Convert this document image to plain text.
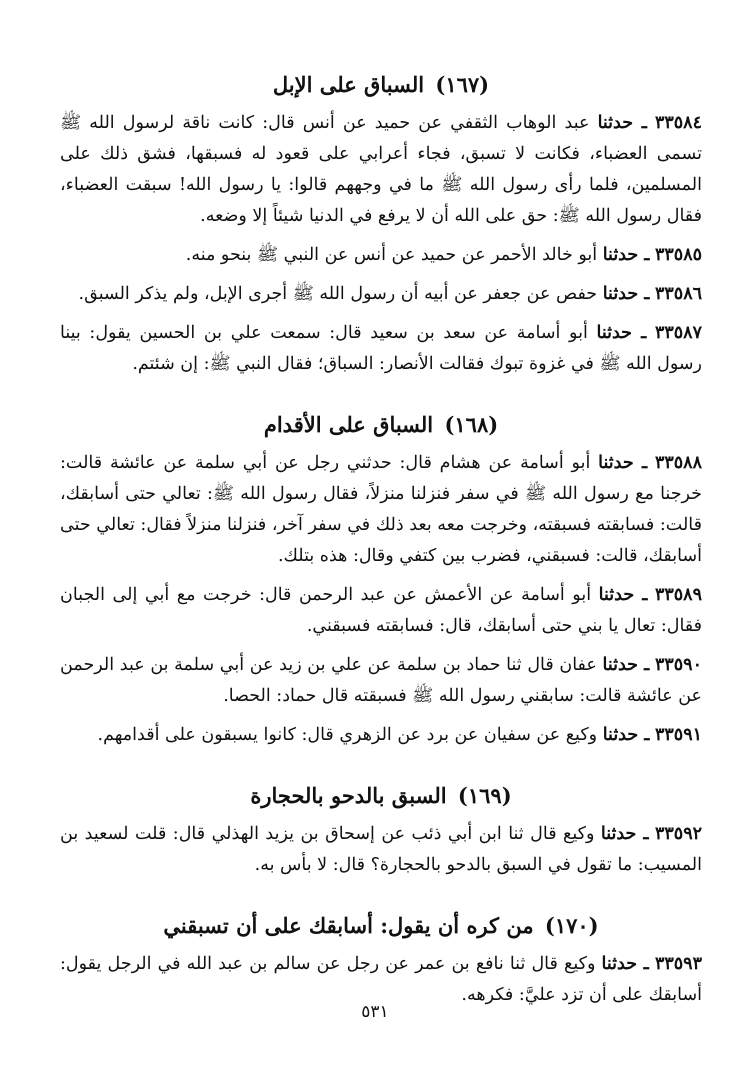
(١٦٧) السباق على الإبل

٣٣٥٨٤ ـ حدثنا عبد الوهاب الثقفي عن حميد عن أنس قال: كانت ناقة لرسول الله ﷺ تسمى العضباء، فكانت لا تسبق، فجاء أعرابي على قعود له فسبقها، فشق ذلك على المسلمين، فلما رأى رسول الله ﷺ ما في وجههم قالوا: يا رسول الله! سبقت العضباء، فقال رسول الله ﷺ: حق على الله أن لا يرفع في الدنيا شيئاً إلا وضعه.

٣٣٥٨٥ ـ حدثنا أبو خالد الأحمر عن حميد عن أنس عن النبي ﷺ بنحو منه.

٣٣٥٨٦ ـ حدثنا حفص عن جعفر عن أبيه أن رسول الله ﷺ أجرى الإبل، ولم يذكر السبق.

٣٣٥٨٧ ـ حدثنا أبو أسامة عن سعد بن سعيد قال: سمعت علي بن الحسين يقول: بينا رسول الله ﷺ في غزوة تبوك فقالت الأنصار: السباق؛ فقال النبي ﷺ: إن شئتم.

(١٦٨) السباق على الأقدام

٣٣٥٨٨ ـ حدثنا أبو أسامة عن هشام قال: حدثني رجل عن أبي سلمة عن عائشة قالت: خرجنا مع رسول الله ﷺ في سفر فنزلنا منزلاً، فقال رسول الله ﷺ: تعالي حتى أسابقك، قالت: فسابقته فسبقته، وخرجت معه بعد ذلك في سفر آخر، فنزلنا منزلاً فقال: تعالي حتى أسابقك، قالت: فسبقني، فضرب بين كتفي وقال: هذه بتلك.

٣٣٥٨٩ ـ حدثنا أبو أسامة عن الأعمش عن عبد الرحمن قال: خرجت مع أبي إلى الجبان فقال: تعال يا بني حتى أسابقك، قال: فسابقته فسبقني.

٣٣٥٩٠ ـ حدثنا عفان قال ثنا حماد بن سلمة عن علي بن زيد عن أبي سلمة بن عبد الرحمن عن عائشة قالت: سابقني رسول الله ﷺ فسبقته قال حماد: الحصا.

٣٣٥٩١ ـ حدثنا وكيع عن سفيان عن برد عن الزهري قال: كانوا يسبقون على أقدامهم.

(١٦٩) السبق بالدحو بالحجارة

٣٣٥٩٢ ـ حدثنا وكيع قال ثنا ابن أبي ذئب عن إسحاق بن يزيد الهذلي قال: قلت لسعيد بن المسيب: ما تقول في السبق بالدحو بالحجارة؟ قال: لا بأس به.

(١٧٠) من كره أن يقول: أسابقك على أن تسبقني

٣٣٥٩٣ ـ حدثنا وكيع قال ثنا نافع بن عمر عن رجل عن سالم بن عبد الله في الرجل يقول: أسابقك على أن تزد عليَّ: فكرهه.

٥٣١
